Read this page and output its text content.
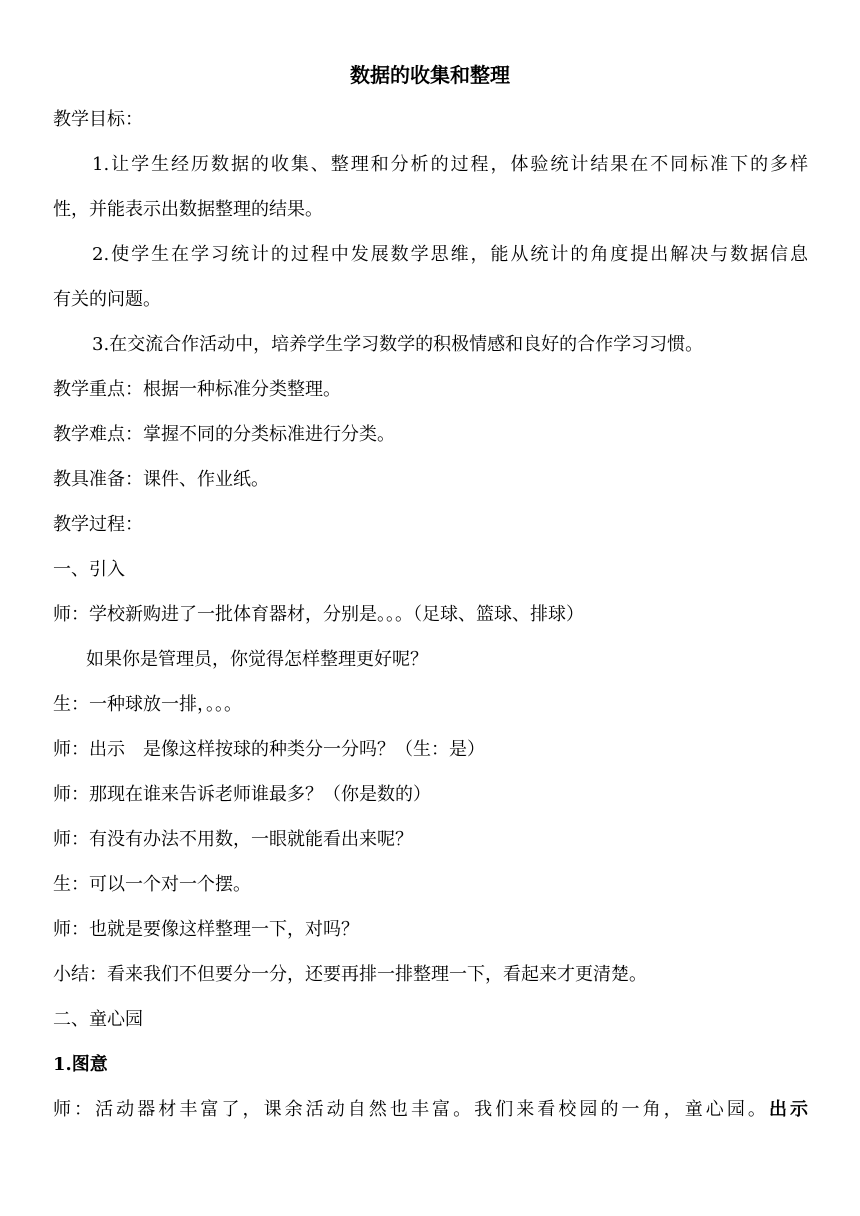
数据的收集和整理
教学目标：
1.让学生经历数据的收集、整理和分析的过程，体验统计结果在不同标准下的多样
性，并能表示出数据整理的结果。
2.使学生在学习统计的过程中发展数学思维，能从统计的角度提出解决与数据信息
有关的问题。
3.在交流合作活动中，培养学生学习数学的积极情感和良好的合作学习习惯。
教学重点：根据一种标准分类整理。
教学难点：掌握不同的分类标准进行分类。
教具准备：课件、作业纸。
教学过程：
一、引入
师：学校新购进了一批体育器材，分别是。。。（足球、篮球、排球）
如果你是管理员，你觉得怎样整理更好呢？
生：一种球放一排，。。。
师：出示　是像这样按球的种类分一分吗？（生：是）
师：那现在谁来告诉老师谁最多？（你是数的）
师：有没有办法不用数，一眼就能看出来呢？
生：可以一个对一个摆。
师：也就是要像这样整理一下，对吗？
小结：看来我们不但要分一分，还要再排一排整理一下，看起来才更清楚。
二、童心园
1.图意
师：活动器材丰富了，课余活动自然也丰富。我们来看校园的一角，童心园。出示
